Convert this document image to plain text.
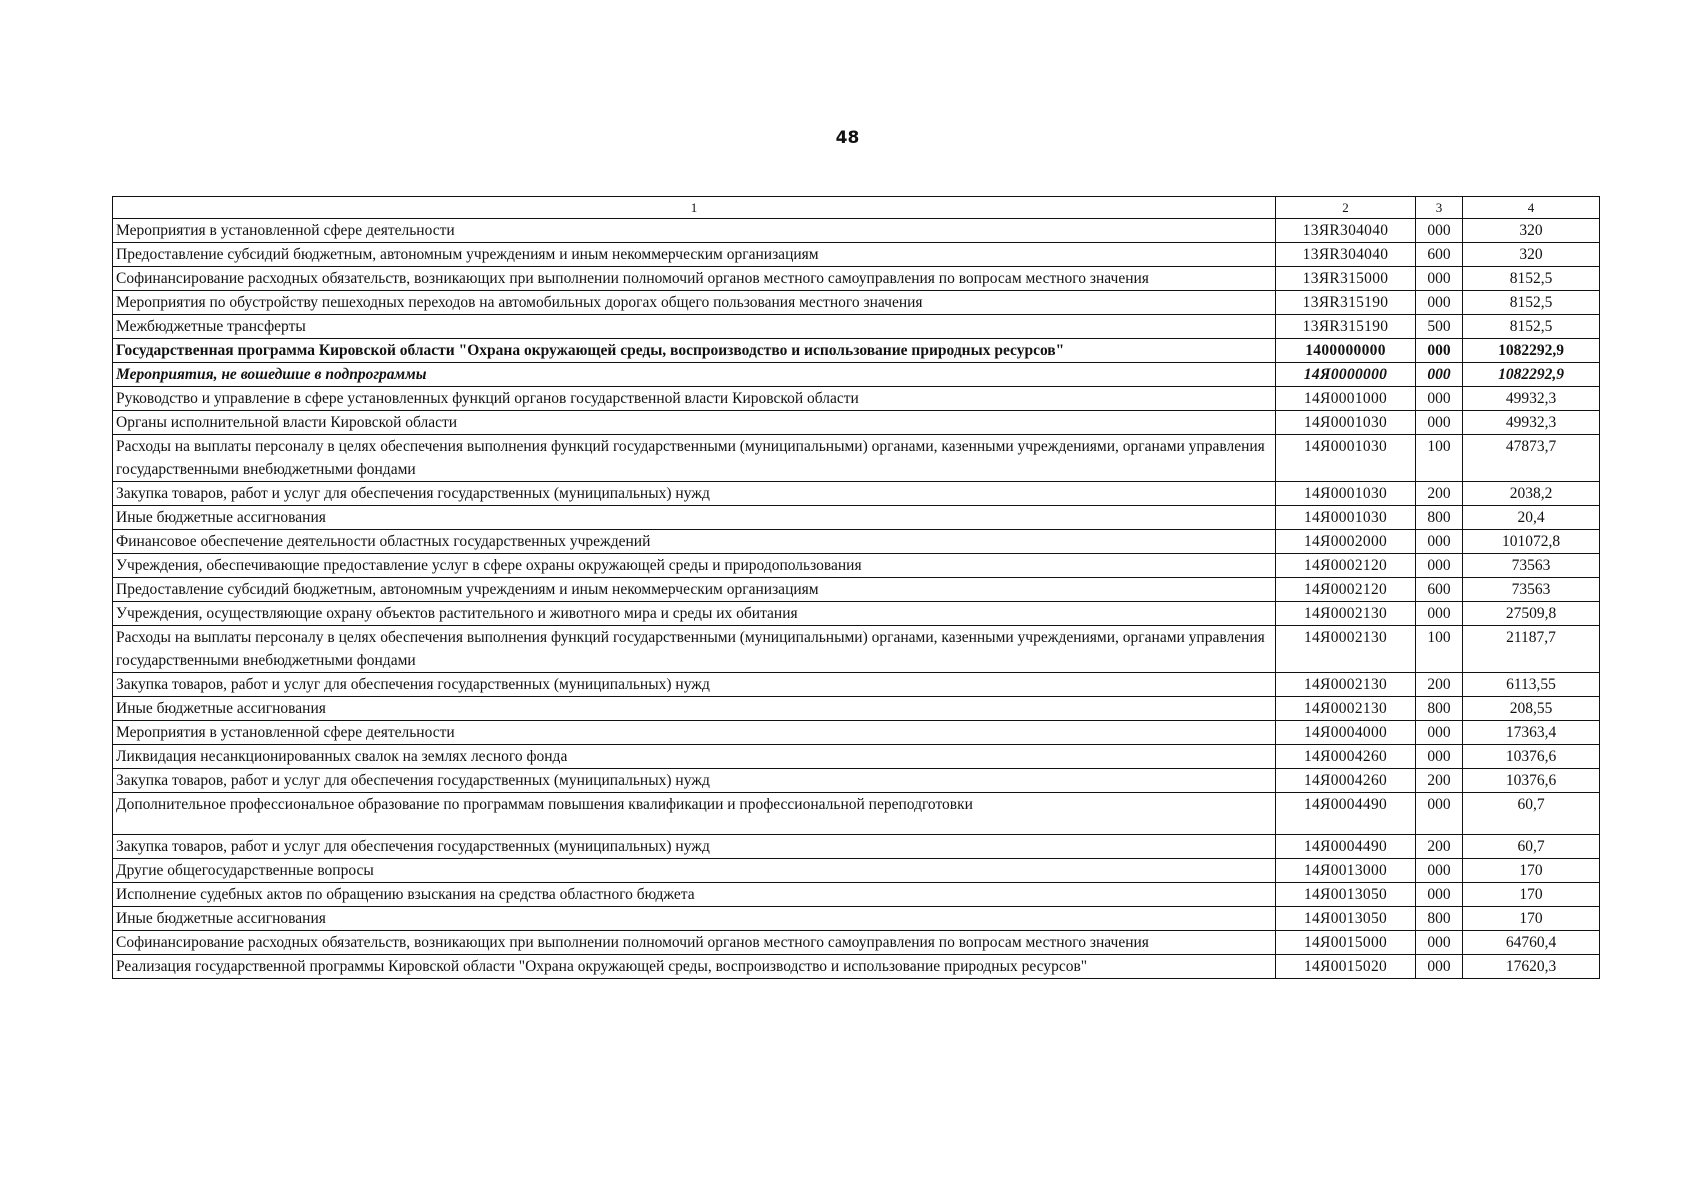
48
1	2	3	4
Мероприятия в установленной сфере деятельности	13ЯR304040	000	320
Предоставление субсидий бюджетным, автономным учреждениям и иным некоммерческим организациям	13ЯR304040	600	320
Софинансирование расходных обязательств, возникающих при выполнении полномочий органов местного самоуправления по вопросам местного значения	13ЯR315000	000	8152,5
Мероприятия по обустройству пешеходных переходов на автомобильных дорогах общего пользования местного значения	13ЯR315190	000	8152,5
Межбюджетные трансферты	13ЯR315190	500	8152,5
Государственная программа Кировской области "Охрана окружающей среды, воспроизводство и использование природных ресурсов"	1400000000	000	1082292,9
Мероприятия, не вошедшие в подпрограммы	14Я0000000	000	1082292,9
Руководство и управление в сфере установленных функций органов государственной власти Кировской области	14Я0001000	000	49932,3
Органы исполнительной власти Кировской области	14Я0001030	000	49932,3
Расходы на выплаты персоналу в целях обеспечения выполнения функций государственными (муниципальными) органами, казенными учреждениями, органами управления государственными внебюджетными фондами	14Я0001030	100	47873,7
Закупка товаров, работ и услуг для обеспечения государственных (муниципальных) нужд	14Я0001030	200	2038,2
Иные бюджетные ассигнования	14Я0001030	800	20,4
Финансовое обеспечение деятельности областных государственных учреждений	14Я0002000	000	101072,8
Учреждения, обеспечивающие предоставление услуг в сфере охраны окружающей среды и природопользования	14Я0002120	000	73563
Предоставление субсидий бюджетным, автономным учреждениям и иным некоммерческим организациям	14Я0002120	600	73563
Учреждения, осуществляющие охрану объектов растительного и животного мира и среды их обитания	14Я0002130	000	27509,8
Расходы на выплаты персоналу в целях обеспечения выполнения функций государственными (муниципальными) органами, казенными учреждениями, органами управления государственными внебюджетными фондами	14Я0002130	100	21187,7
Закупка товаров, работ и услуг для обеспечения государственных (муниципальных) нужд	14Я0002130	200	6113,55
Иные бюджетные ассигнования	14Я0002130	800	208,55
Мероприятия в установленной сфере деятельности	14Я0004000	000	17363,4
Ликвидация несанкционированных свалок на землях лесного фонда	14Я0004260	000	10376,6
Закупка товаров, работ и услуг для обеспечения государственных (муниципальных) нужд	14Я0004260	200	10376,6
Дополнительное профессиональное образование по программам повышения квалификации и профессиональной переподготовки	14Я0004490	000	60,7
Закупка товаров, работ и услуг для обеспечения государственных (муниципальных) нужд	14Я0004490	200	60,7
Другие общегосударственные вопросы	14Я0013000	000	170
Исполнение судебных актов по обращению взыскания на средства областного бюджета	14Я0013050	000	170
Иные бюджетные ассигнования	14Я0013050	800	170
Софинансирование расходных обязательств, возникающих при выполнении полномочий органов местного самоуправления по вопросам местного значения	14Я0015000	000	64760,4
Реализация государственной программы Кировской области "Охрана окружающей среды, воспроизводство и использование природных ресурсов"	14Я0015020	000	17620,3
